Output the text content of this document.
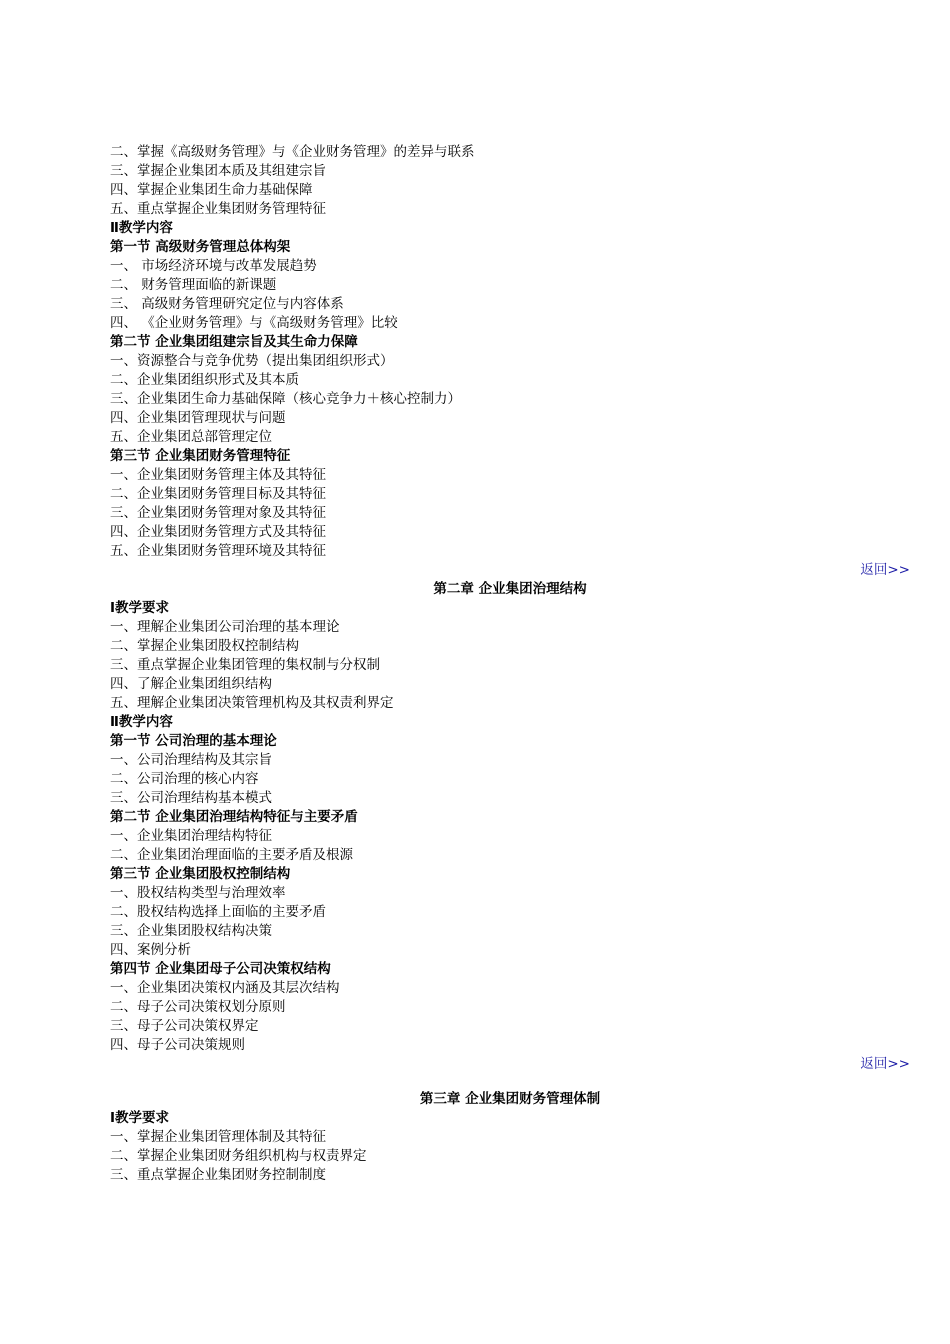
二、掌握《高级财务管理》与《企业财务管理》的差异与联系
三、掌握企业集团本质及其组建宗旨
四、掌握企业集团生命力基础保障
五、重点掌握企业集团财务管理特征
Ⅱ教学内容
第一节 高级财务管理总体构架
一、 市场经济环境与改革发展趋势
二、 财务管理面临的新课题
三、 高级财务管理研究定位与内容体系
四、 《企业财务管理》与《高级财务管理》比较
第二节 企业集团组建宗旨及其生命力保障
一、资源整合与竞争优势（提出集团组织形式）
二、企业集团组织形式及其本质
三、企业集团生命力基础保障（核心竞争力＋核心控制力）
四、企业集团管理现状与问题
五、企业集团总部管理定位
第三节 企业集团财务管理特征
一、企业集团财务管理主体及其特征
二、企业集团财务管理目标及其特征
三、企业集团财务管理对象及其特征
四、企业集团财务管理方式及其特征
五、企业集团财务管理环境及其特征
返回>>
第二章 企业集团治理结构
Ⅰ教学要求
一、理解企业集团公司治理的基本理论
二、掌握企业集团股权控制结构
三、重点掌握企业集团管理的集权制与分权制
四、了解企业集团组织结构
五、理解企业集团决策管理机构及其权责利界定
Ⅱ教学内容
第一节 公司治理的基本理论
一、公司治理结构及其宗旨
二、公司治理的核心内容
三、公司治理结构基本模式
第二节 企业集团治理结构特征与主要矛盾
一、企业集团治理结构特征
二、企业集团治理面临的主要矛盾及根源
第三节 企业集团股权控制结构
一、股权结构类型与治理效率
二、股权结构选择上面临的主要矛盾
三、企业集团股权结构决策
四、案例分析
第四节 企业集团母子公司决策权结构
一、企业集团决策权内涵及其层次结构
二、母子公司决策权划分原则
三、母子公司决策权界定
四、母子公司决策规则
返回>>
第三章 企业集团财务管理体制
Ⅰ教学要求
一、掌握企业集团管理体制及其特征
二、掌握企业集团财务组织机构与权责界定
三、重点掌握企业集团财务控制制度
